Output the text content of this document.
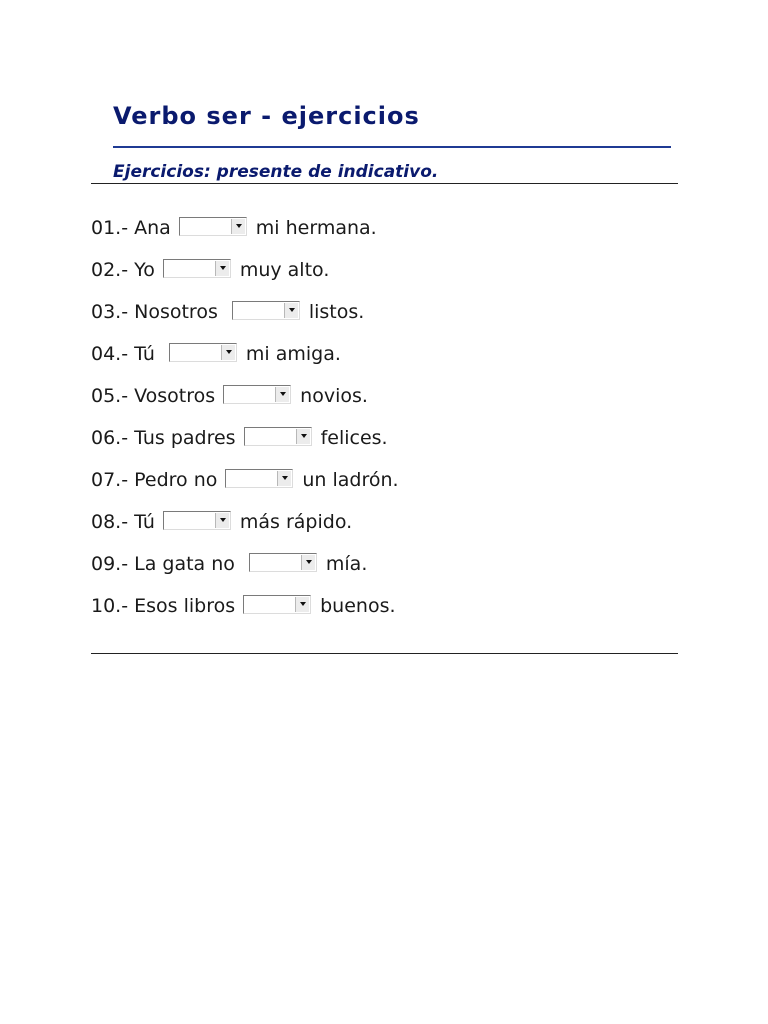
Verbo ser - ejercicios
Ejercicios: presente de indicativo.
01.- Ana	mi hermana.
02.- Yo	muy alto.
03.- Nosotros	listos.
04.- Tú	mi amiga.
05.- Vosotros	novios.
06.- Tus padres	felices.
07.- Pedro no	un ladrón.
08.- Tú	más rápido.
09.- La gata no	mía.
10.- Esos libros	buenos.
